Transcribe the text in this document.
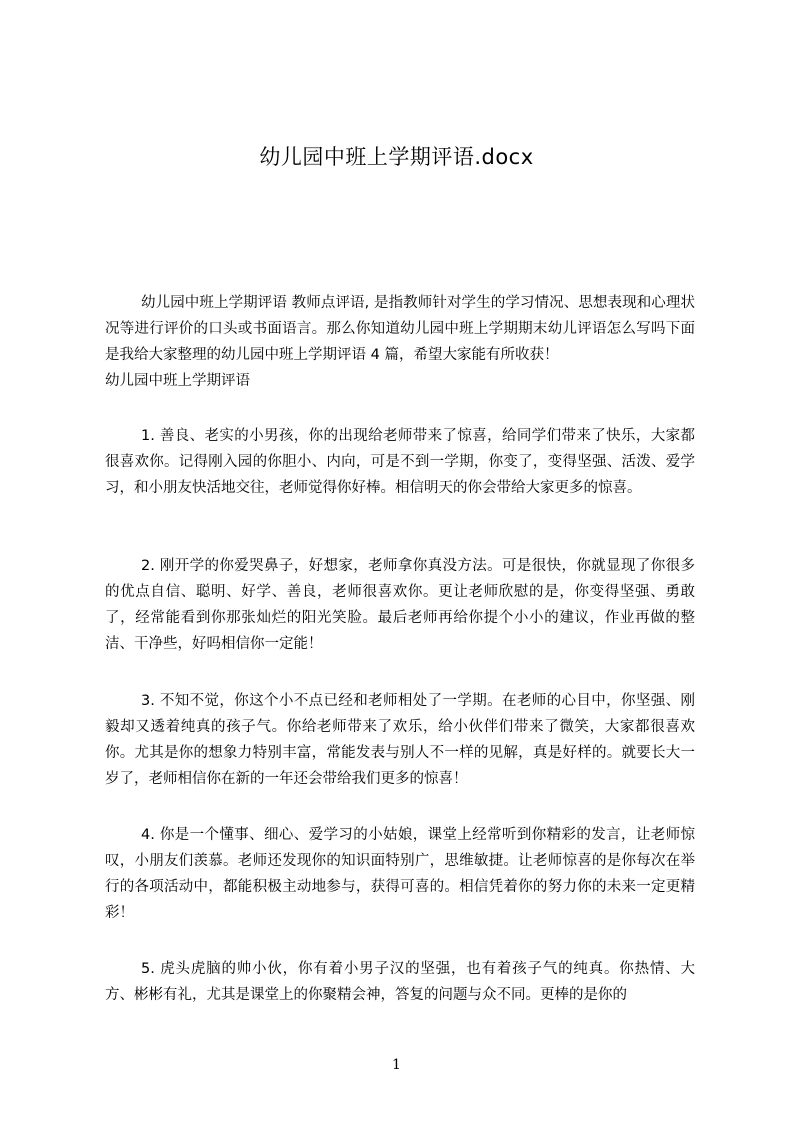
幼儿园中班上学期评语.docx
幼儿园中班上学期评语 教师点评语, 是指教师针对学生的学习情况、思想表现和心理状况等进行评价的口头或书面语言。那么你知道幼儿园中班上学期期末幼儿评语怎么写吗下面是我给大家整理的幼儿园中班上学期评语 4 篇，希望大家能有所收获！
幼儿园中班上学期评语

1. 善良、老实的小男孩，你的出现给老师带来了惊喜，给同学们带来了快乐，大家都很喜欢你。记得刚入园的你胆小、内向，可是不到一学期，你变了，变得坚强、活泼、爱学习，和小朋友快活地交往，老师觉得你好棒。相信明天的你会带给大家更多的惊喜。

2. 刚开学的你爱哭鼻子，好想家，老师拿你真没方法。可是很快，你就显现了你很多的优点自信、聪明、好学、善良，老师很喜欢你。更让老师欣慰的是，你变得坚强、勇敢了，经常能看到你那张灿烂的阳光笑脸。最后老师再给你提个小小的建议，作业再做的整洁、干净些，好吗相信你一定能！

3. 不知不觉，你这个小不点已经和老师相处了一学期。在老师的心目中，你坚强、刚毅却又透着纯真的孩子气。你给老师带来了欢乐，给小伙伴们带来了微笑，大家都很喜欢你。尤其是你的想象力特别丰富，常能发表与别人不一样的见解，真是好样的。就要长大一岁了，老师相信你在新的一年还会带给我们更多的惊喜！

4. 你是一个懂事、细心、爱学习的小姑娘，课堂上经常听到你精彩的发言，让老师惊叹，小朋友们羡慕。老师还发现你的知识面特别广，思维敏捷。让老师惊喜的是你每次在举行的各项活动中，都能积极主动地参与，获得可喜的。相信凭着你的努力你的未来一定更精彩！

5. 虎头虎脑的帅小伙，你有着小男子汉的坚强，也有着孩子气的纯真。你热情、大方、彬彬有礼，尤其是课堂上的你聚精会神，答复的问题与众不同。更棒的是你的

1
